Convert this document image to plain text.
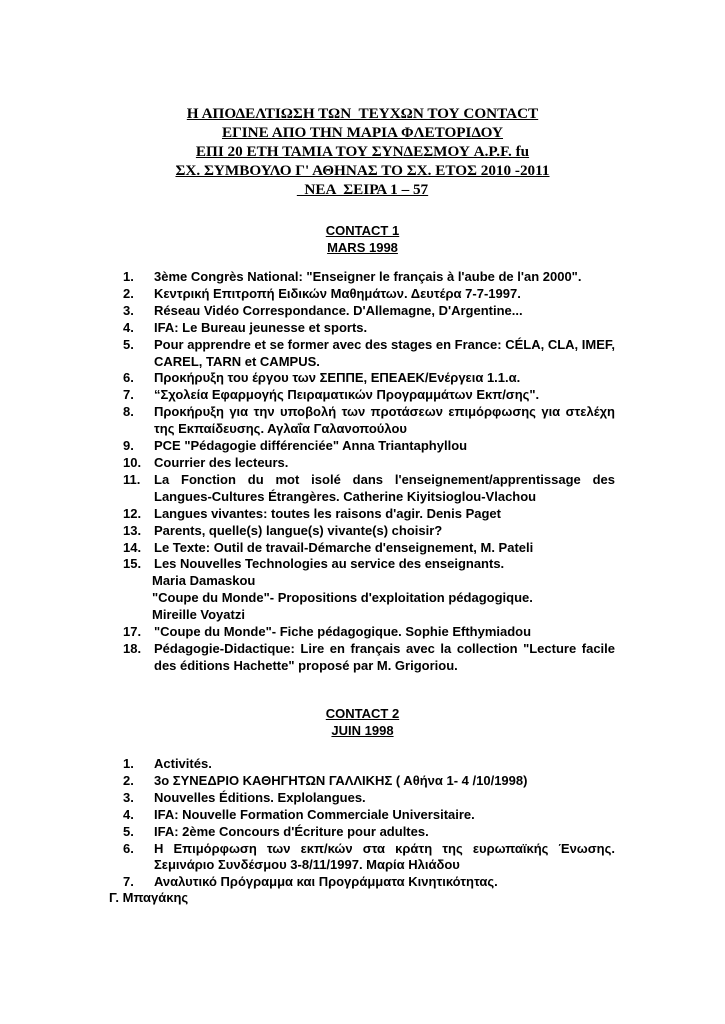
Η ΑΠΟΔΕΛΤΙΩΣΗ ΤΩΝ  ΤΕΥΧΩΝ ΤΟΥ CONTACT
ΕΓΙΝΕ ΑΠΟ ΤΗΝ ΜΑΡΙΑ ΦΛΕΤΟΡΙΔΟΥ
ΕΠΙ 20 ΕΤΗ ΤΑΜΙΑ ΤΟΥ ΣΥΝΔΕΣΜΟΥ A.P.F. fu
ΣΧ. ΣΥΜΒΟΥΛΟ Γ' ΑΘΗΝΑΣ ΤΟ ΣΧ. ΕΤΟΣ 2010 -2011
ΝΕΑ  ΣΕΙΡΑ 1 – 57
CONTACT 1
MARS 1998
1.	3ème Congrès National: "Enseigner le français à l'aube de l'an 2000".
2.	Κεντρική Επιτροπή Ειδικών Μαθημάτων. Δευτέρα 7-7-1997.
3.	Réseau Vidéo Correspondance. D'Allemagne, D'Argentine...
4.	IFA: Le Bureau jeunesse et sports.
5.	Pour apprendre et se former avec des stages en France: CÉLA, CLA, IMEF, CAREL, TARN et CAMPUS.
6.	Προκήρυξη του έργου των ΣΕΠΠΕ, ΕΠΕΑΕΚ/Ενέργεια 1.1.α.
7.	“Σχολεία Εφαρμογής Πειραματικών Προγραμμάτων Εκπ/σης".
8.	Προκήρυξη για την υποβολή των προτάσεων επιμόρφωσης για στελέχη της Εκπαίδευσης. Αγλαΐα Γαλανοπούλου
9.	PCE "Pédagogie différenciée" Anna Triantaphyllou
10. Courrier des lecteurs.
11.	La Fonction du mot isolé dans l'enseignement/apprentissage des Langues-Cultures Étrangères. Catherine Kiyitsioglou-Vlachou
12. Langues vivantes: toutes les raisons d'agir. Denis Paget
13. Parents, quelle(s) langue(s) vivante(s) choisir?
14. Le Texte: Outil de travail-Démarche d'enseignement, M. Pateli
15. Les Nouvelles Technologies au service des enseignants.
Maria Damaskou
"Coupe du Monde"- Propositions d'exploitation pédagogique.
Mireille Voyatzi
17. "Coupe du Monde"- Fiche pédagogique. Sophie Efthymiadou
18. Pédagogie-Didactique: Lire en français avec la collection "Lecture facile des éditions Hachette" proposé par M. Grigoriou.
CONTACT 2
JUIN 1998
1.	Activités.
2.	3ο ΣΥΝΕΔΡΙΟ ΚΑΘΗΓΗΤΩΝ ΓΑΛΛΙΚΗΣ ( Αθήνα 1- 4 /10/1998)
3.	Nouvelles Éditions. Explolangues.
4.	IFA: Nouvelle Formation Commerciale Universitaire.
5.	IFA: 2ème Concours d'Écriture pour adultes.
6.	Η Επιμόρφωση των εκπ/κών στα κράτη της ευρωπαϊκής Ένωσης. Σεμινάριο Συνδέσμου 3-8/11/1997. Μαρία Ηλιάδου
7.	Αναλυτικό Πρόγραμμα και Προγράμματα Κινητικότητας.
Γ. Μπαγάκης
